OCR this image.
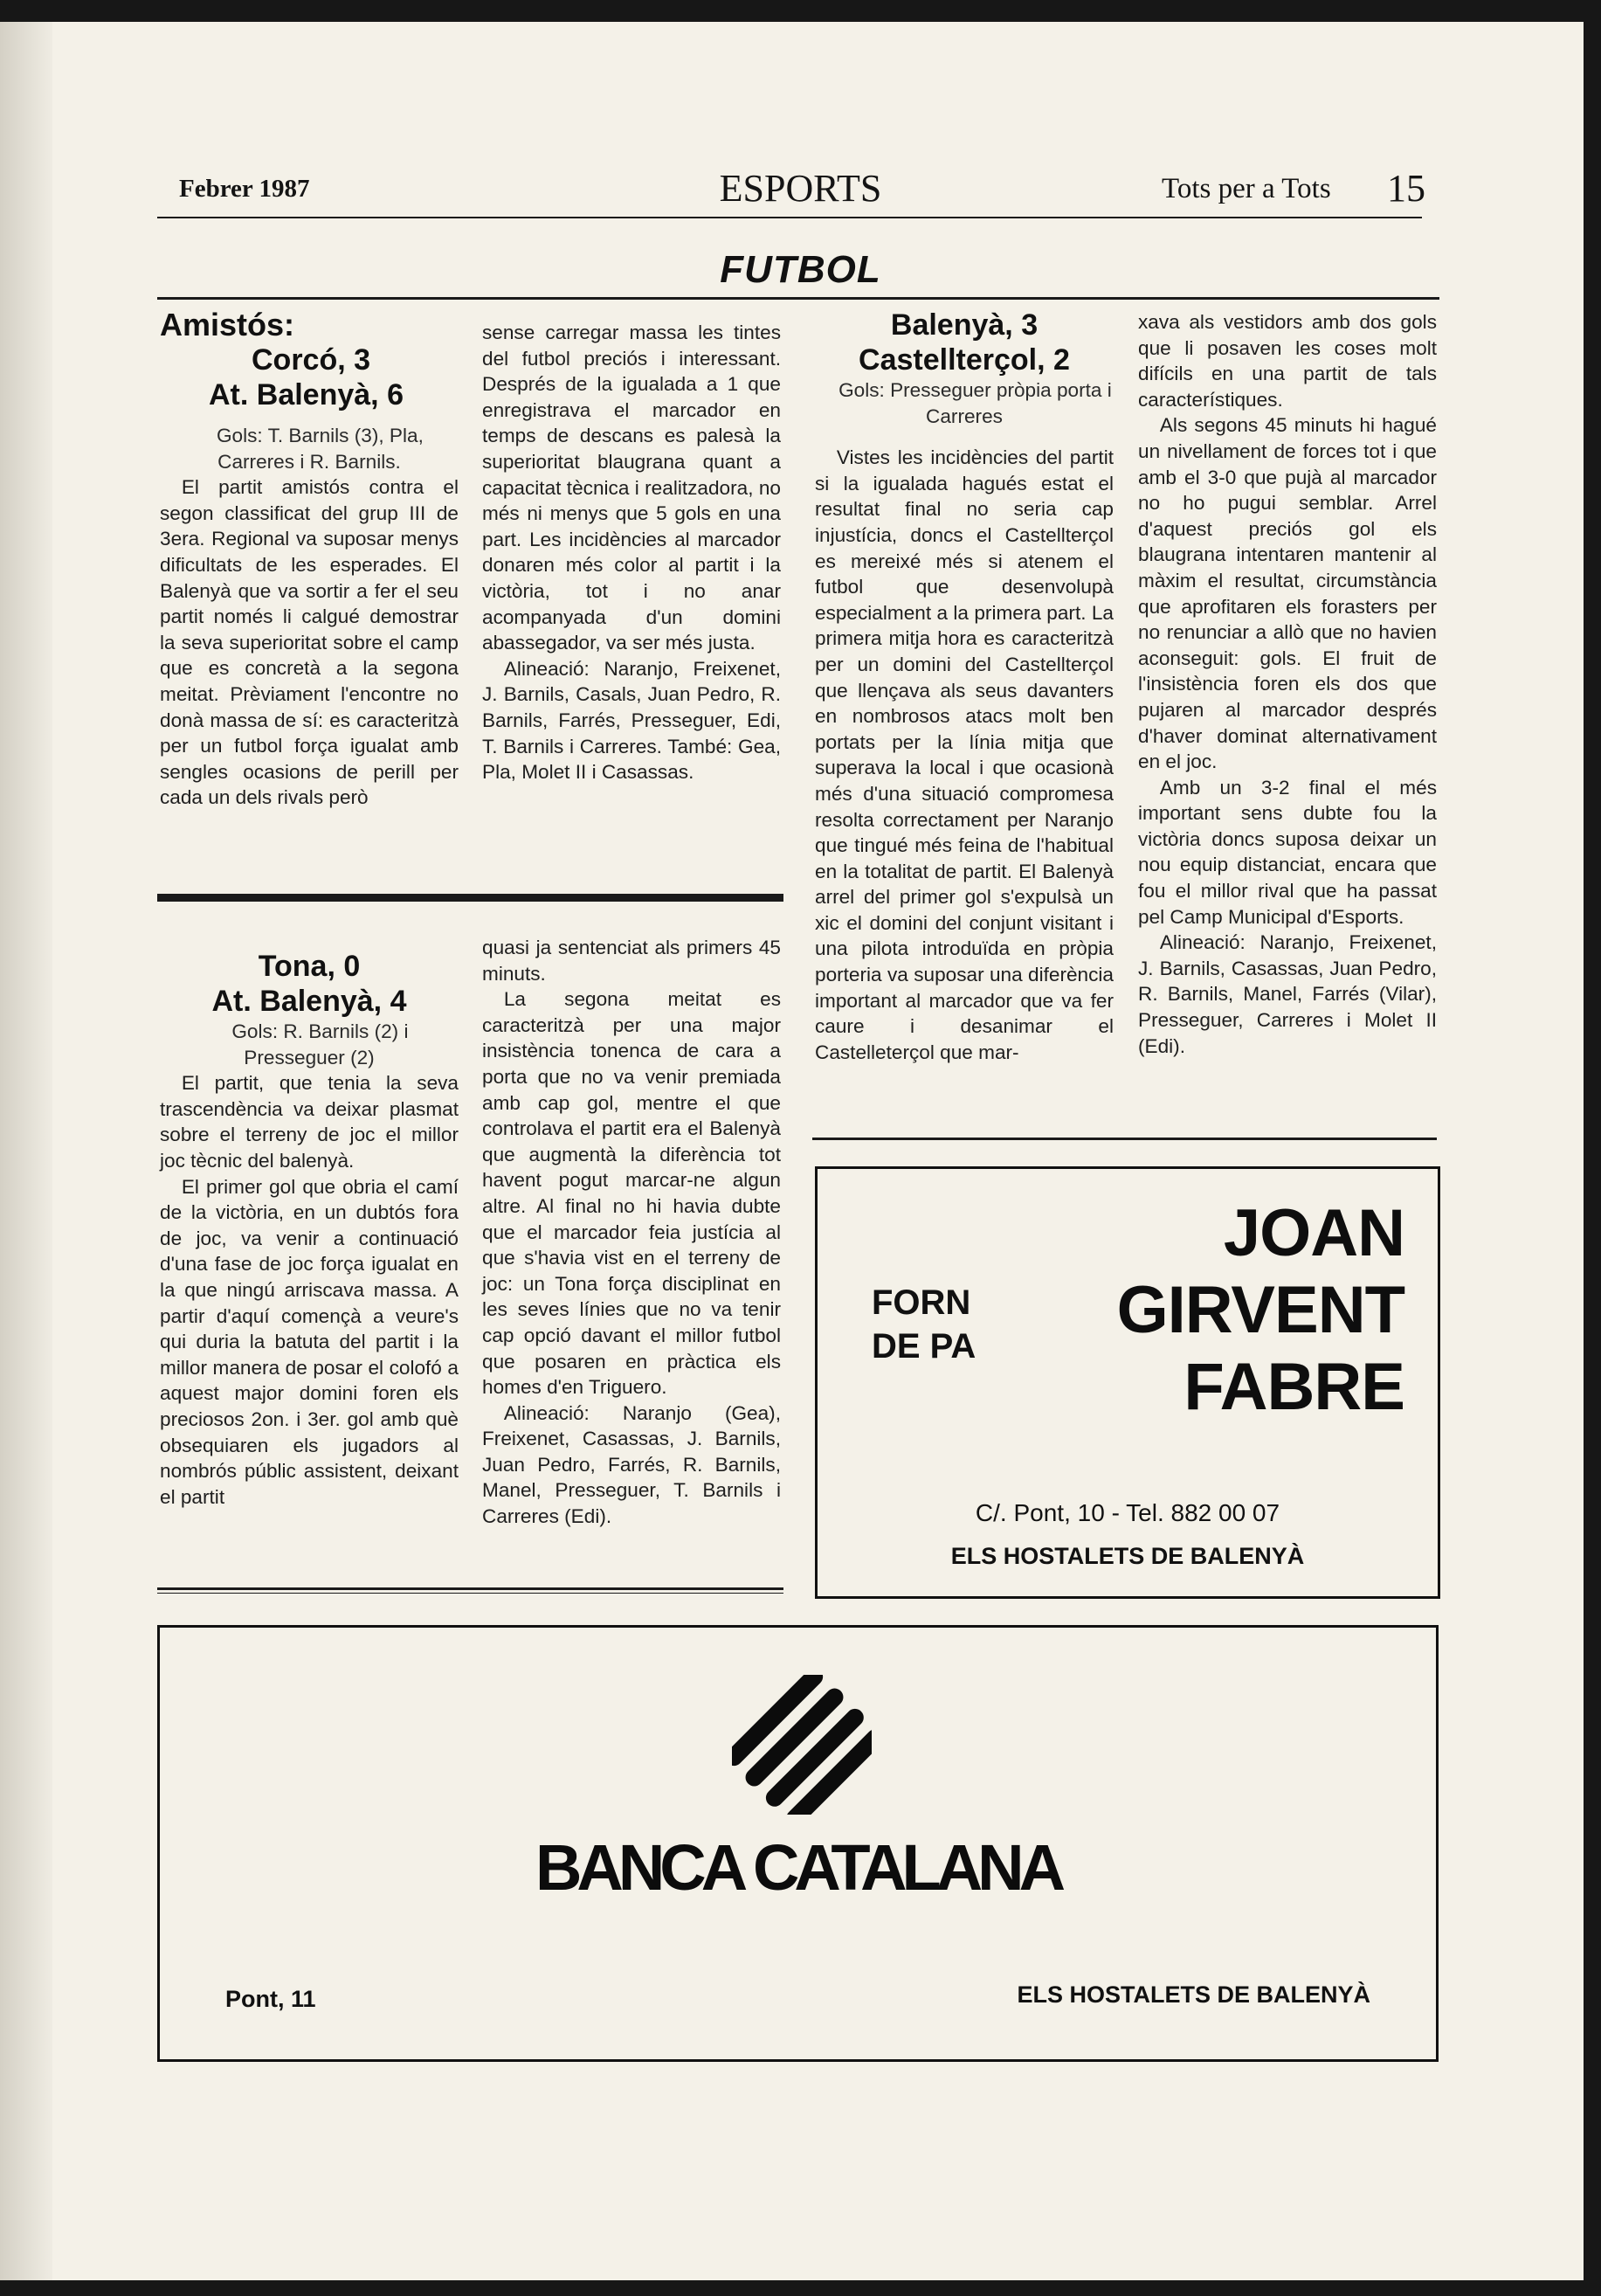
Febrer 1987	ESPORTS	Tots per a Tots 15
FUTBOL
Amistós:
Corcó, 3
At. Balenyà, 6

Gols: T. Barnils (3), Pla, Carreres i R. Barnils.

El partit amistós contra el segon classificat del grup III de 3era. Regional va suposar menys dificultats de les esperades. El Balenyà que va sortir a fer el seu partit només li calgué demostrar la seva superioritat sobre el camp que es concretà a la segona meitat. Prèviament l'encontre no donà massa de sí: es caracteritzà per un futbol força igualat amb sengles ocasions de perill per cada un dels rivals però

sense carregar massa les tintes del futbol preciós i interessant. Després de la igualada a 1 que enregistrava el marcador en temps de descans es palesà la superioritat blaugrana quant a capacitat tècnica i realitzadora, no més ni menys que 5 gols en una part. Les incidències al marcador donaren més color al partit i la victòria, tot i no anar acompanyada d'un domini abassegador, va ser més justa.

Alineació: Naranjo, Freixenet, J. Barnils, Casals, Juan Pedro, R. Barnils, Farrés, Presseguer, Edi, T. Barnils i Carreres. També: Gea, Pla, Molet II i Casassas.

Tona, 0
At. Balenyà, 4

Gols: R. Barnils (2) i Presseguer (2)

El partit, que tenia la seva trascendència va deixar plasmat sobre el terreny de joc el millor joc tècnic del balenyà.

El primer gol que obria el camí de la victòria, en un dubtós fora de joc, va venir a continuació d'una fase de joc força igualat en la que ningú arriscava massa. A partir d'aquí començà a veure's qui duria la batuta del partit i la millor manera de posar el colofó a aquest major domini foren els preciosos 2on. i 3er. gol amb què obsequiaren els jugadors al nombrós públic assistent, deixant el partit

quasi ja sentenciat als primers 45 minuts.

La segona meitat es caracteritzà per una major insistència tonenca de cara a porta que no va venir premiada amb cap gol, mentre el que controlava el partit era el Balenyà que augmentà la diferència tot havent pogut marcar-ne algun altre. Al final no hi havia dubte que el marcador feia justícia al que s'havia vist en el terreny de joc: un Tona força disciplinat en les seves línies que no va tenir cap opció davant el millor futbol que posaren en pràctica els homes d'en Triguero.

Alineació: Naranjo (Gea), Freixenet, Casassas, J. Barnils, Juan Pedro, Farrés, R. Barnils, Manel, Presseguer, T. Barnils i Carreres (Edi).

Balenyà, 3
Castellterçol, 2

Gols: Presseguer pròpia porta i Carreres

Vistes les incidències del partit si la igualada hagués estat el resultat final no seria cap injustícia, doncs el Castellterçol es mereixé més si atenem el futbol que desenvolupà especialment a la primera part. La primera mitja hora es caracteritzà per un domini del Castellterçol que llençava als seus davanters en nombrosos atacs molt ben portats per la línia mitja que superava la local i que ocasionà més d'una situació compromesa resolta correctament per Naranjo que tingué més feina de l'habitual en la totalitat de partit. El Balenyà arrel del primer gol s'expulsà un xic el domini del conjunt visitant i una pilota introduïda en pròpia porteria va suposar una diferència important al marcador que va fer caure i desanimar el Castelleterçol que mar-

xava als vestidors amb dos gols que li posaven les coses molt difícils en una partit de tals característiques.

Als segons 45 minuts hi hagué un nivellament de forces tot i que amb el 3-0 que pujà al marcador no ho pugui semblar. Arrel d'aquest preciós gol els blaugrana intentaren mantenir al màxim el resultat, circumstància que aprofitaren els forasters per no renunciar a allò que no havien aconseguit: gols. El fruit de l'insistència foren els dos que pujaren al marcador després d'haver dominat alternativament en el joc.

Amb un 3-2 final el més important sens dubte fou la victòria doncs suposa deixar un nou equip distanciat, encara que fou el millor rival que ha passat pel Camp Municipal d'Esports.

Alineació: Naranjo, Freixenet, J. Barnils, Casassas, Juan Pedro, R. Barnils, Manel, Farrés (Vilar), Presseguer, Carreres i Molet II (Edi).

FORN
DE PA
JOAN
GIRVENT
FABRE
C/. Pont, 10 - Tel. 882 00 07
ELS HOSTALETS DE BALENYÀ
BANCA CATALANA
Pont, 11	ELS HOSTALETS DE BALENYÀ
